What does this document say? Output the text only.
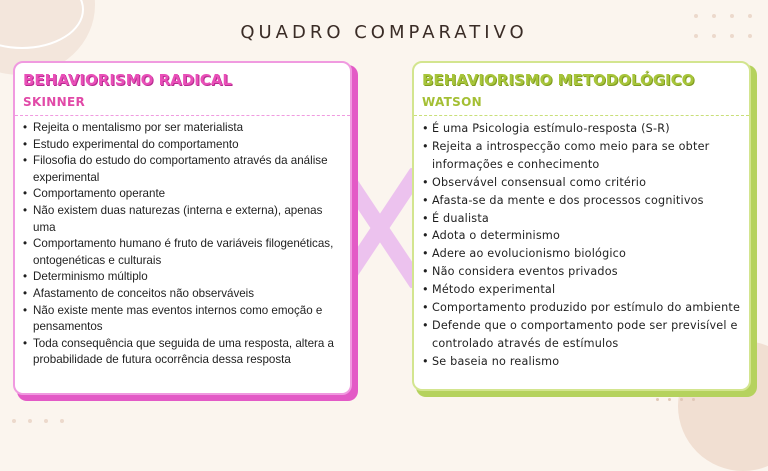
QUADRO COMPARATIVO
BEHAVIORISMO RADICAL
SKINNER
• Rejeita o mentalismo por ser materialista
• Estudo experimental do comportamento
• Filosofia do estudo do comportamento através da análise experimental
• Comportamento operante
• Não existem duas naturezas (interna e externa), apenas uma
• Comportamento humano é fruto de variáveis filogenéticas, ontogenéticas e culturais
• Determinismo múltiplo
• Afastamento de conceitos não observáveis
• Não existe mente mas eventos internos como emoção e pensamentos
• Toda consequência que seguida de uma resposta, altera a probabilidade de futura ocorrência dessa resposta
BEHAVIORISMO METODOLÓGICO
WATSON
• É uma Psicologia estímulo-resposta (S-R)
• Rejeita a introspecção como meio para se obter informações e conhecimento
• Observável consensual como critério
• Afasta-se da mente e dos processos cognitivos
• É dualista
• Adota o determinismo
• Adere ao evolucionismo biológico
• Não considera eventos privados
• Método experimental
• Comportamento produzido por estímulo do ambiente
• Defende que o comportamento pode ser previsível e controlado através de estímulos
• Se baseia no realismo
